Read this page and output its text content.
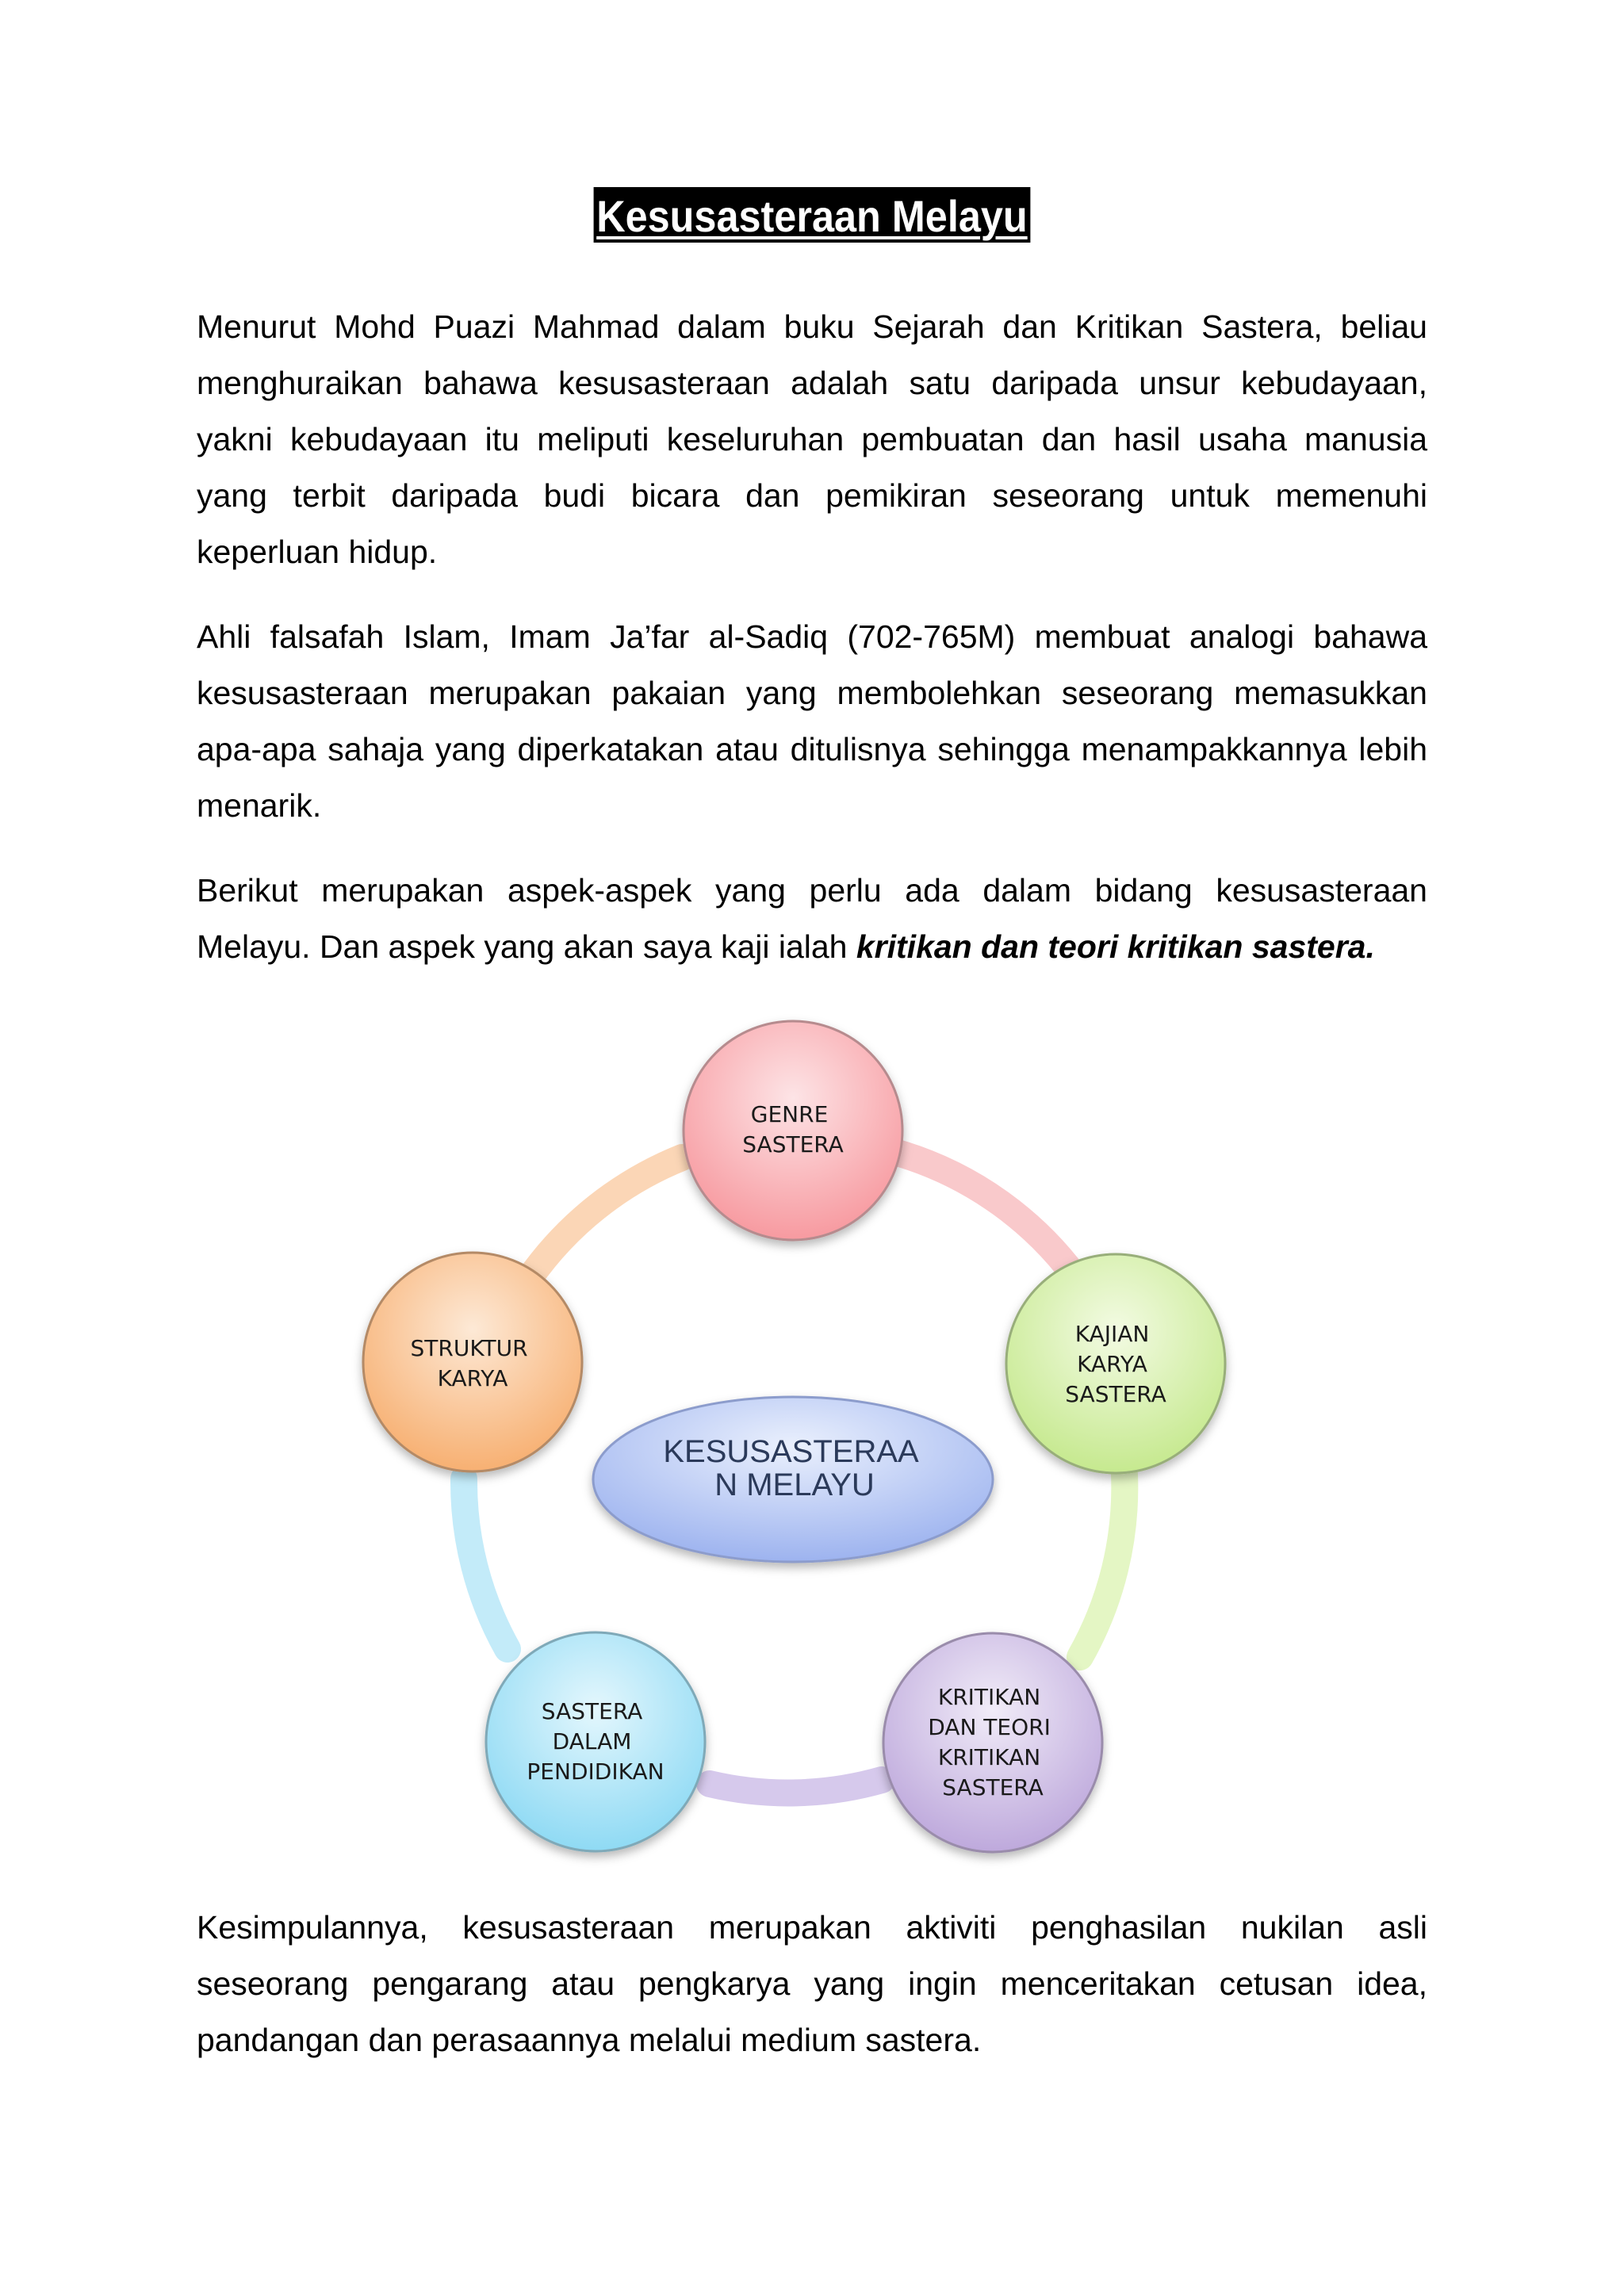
Kesusasteraan Melayu

Menurut Mohd Puazi Mahmad dalam buku Sejarah dan Kritikan Sastera, beliau menghuraikan bahawa kesusasteraan adalah satu daripada unsur kebudayaan, yakni kebudayaan itu meliputi keseluruhan pembuatan dan hasil usaha manusia yang terbit daripada budi bicara dan pemikiran seseorang untuk memenuhi keperluan hidup.

Ahli falsafah Islam, Imam Ja’far al-Sadiq (702-765M) membuat analogi bahawa kesusasteraan merupakan pakaian yang membolehkan seseorang memasukkan apa-apa sahaja yang diperkatakan atau ditulisnya sehingga menampakkannya lebih menarik.

Berikut merupakan aspek-aspek yang perlu ada dalam bidang kesusasteraan Melayu. Dan aspek yang akan saya kaji ialah kritikan dan teori kritikan sastera.

KESUSASTERAA N MELAYU
GENRE SASTERA
KAJIAN KARYA SASTERA
KRITIKAN DAN TEORI KRITIKAN SASTERA
SASTERA DALAM PENDIDIKAN
STRUKTUR KARYA

Kesimpulannya, kesusasteraan merupakan aktiviti penghasilan nukilan asli seseorang pengarang atau pengkarya yang ingin menceritakan cetusan idea, pandangan dan perasaannya melalui medium sastera.
